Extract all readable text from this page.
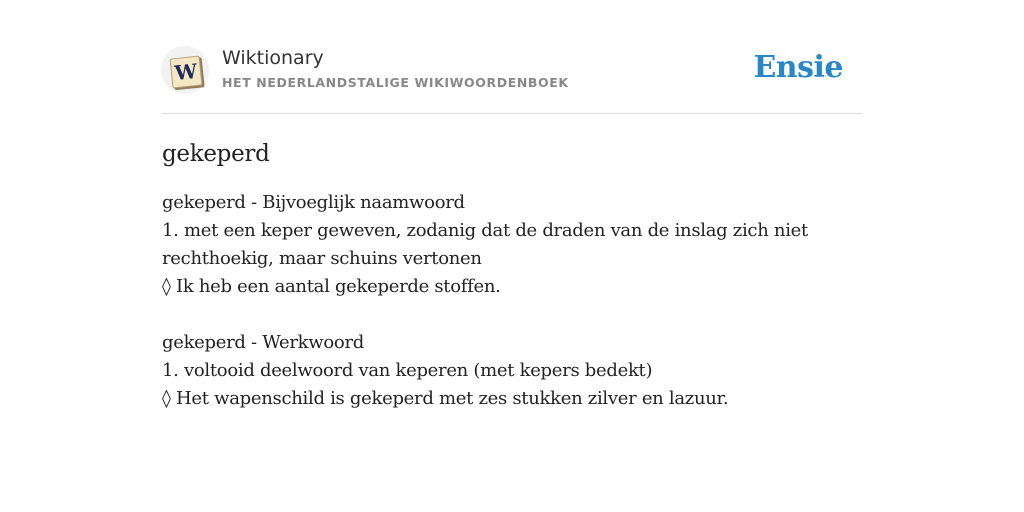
W
Wiktionary
HET NEDERLANDSTALIGE WIKIWOORDENBOEK	Ensie
gekeperd

gekeperd - Bijvoeglijk naamwoord

1. met een keper geweven, zodanig dat de draden van de inslag zich niet rechthoekig, maar schuins vertonen

◊ Ik heb een aantal gekeperde stoffen.

gekeperd - Werkwoord

1. voltooid deelwoord van keperen (met kepers bedekt)

◊ Het wapenschild is gekeperd met zes stukken zilver en lazuur.
